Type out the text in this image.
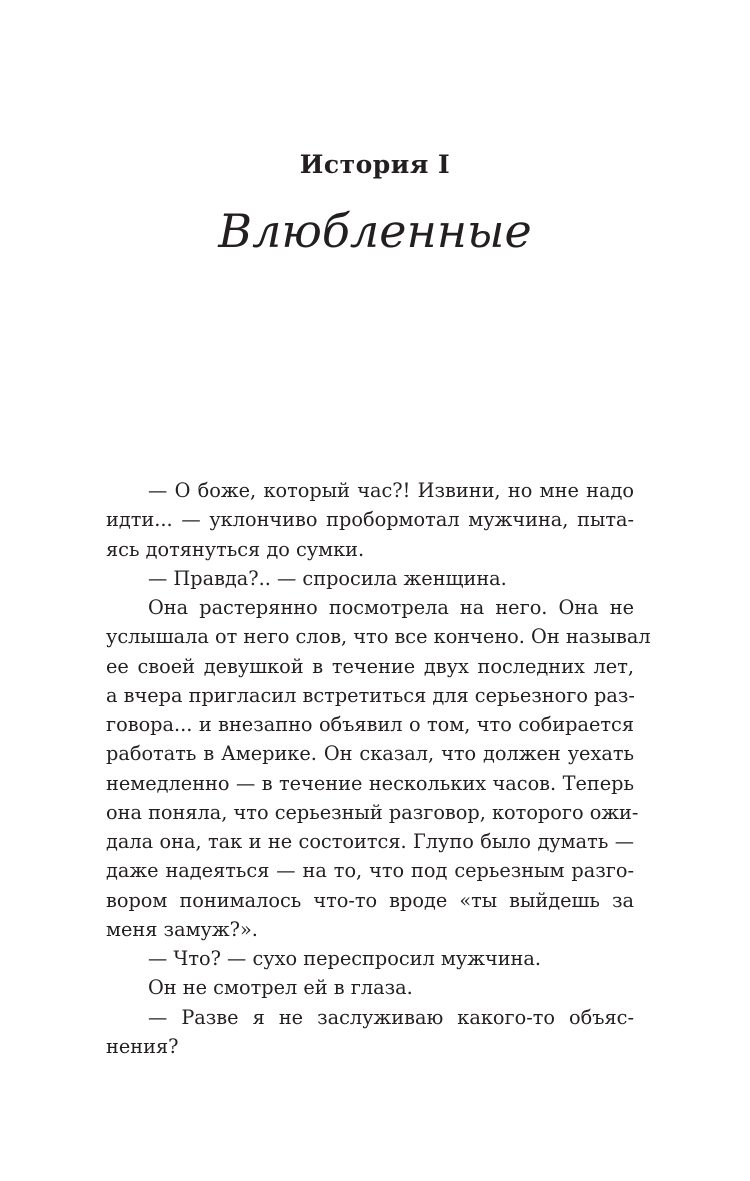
История I
Влюбленные
— О боже, который час?! Извини, но мне надо
идти... — уклончиво пробормотал мужчина, пыта-
ясь дотянуться до сумки.
— Правда?.. — спросила женщина.
Она растерянно посмотрела на него. Она не
услышала от него слов, что все кончено. Он называл
ее своей девушкой в течение двух последних лет,
а вчера пригласил встретиться для серьезного раз-
говора... и внезапно объявил о том, что собирается
работать в Америке. Он сказал, что должен уехать
немедленно — в течение нескольких часов. Теперь
она поняла, что серьезный разговор, которого ожи-
дала она, так и не состоится. Глупо было думать —
даже надеяться — на то, что под серьезным разго-
вором понималось что-то вроде «ты выйдешь за
меня замуж?».
— Что? — сухо переспросил мужчина.
Он не смотрел ей в глаза.
— Разве я не заслуживаю какого-то объяс-
нения?
